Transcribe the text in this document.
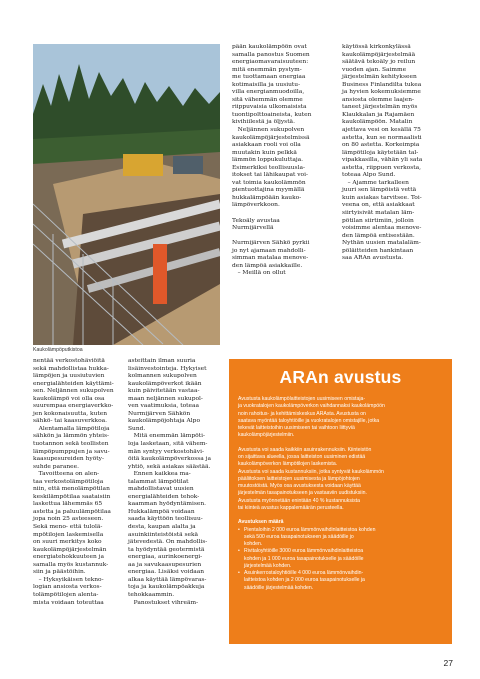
Kaukolämpöputkistoa

pään kaukolämpöön ovat

samalla panostus Suomen

energiaomavaraisuuteen:

mitä enemmän pystym-

me tuottamaan energiaa

kotimaisilla ja uusiutu-

villa energianmuodoilla,

sitä vähemmän olemme

riippuvaisia ulkomaisista

tuontipolttoaineista, kuten

kivihiilestä ja öljystä.

Neljännen sukupolven

kaukolämpöjärjestelmissä

asiakkaan rooli voi olla

muutakin kuin pelkkä

lämmön loppukuluttaja.

Esimerkiksi teollisuusla-

itokset tai lähikaupat voi-

vat toimia kaukolämmön

pientuottajina myymällä

hukkalämpöään kauko-

lämpöverkkoon.

Tekoäly avustaa

Nurmijärvellä

Nurmijärven Sähkö pyrkii

jo nyt ajamaan mahdolli-

simman matalaa menove-

den lämpöä asiakkaille.

– Meillä on ollut

käytössä kirkonkylässä

kaukolämpöjärjestelmää

säätävä tekoäly jo reilun

vuoden ajan. Saimme

järjestelmän kehitykseen

Business Finlandilta tukea

ja hyvien kokemuksiemme

ansiosta olemme laajen-

taneet järjestelmän myös

Klaukkalan ja Rajamäen

kaukolämpöön. Matalin

ajettava vesi on kesällä 75

astetta, kun se normaalisti

on 80 astetta. Korkeimpia

lämpötiloja käytetään tal-

vipakkasilla, vähän yli sata

astetta, riippuen verkosta,

toteaa Alpo Sund.

– Ajamme tarkalleen

juuri sen lämpöistä vettä

kuin asiakas tarvitsee. Toi-

veena on, että asiakkaat

siirtyisivät matalan läm-

pötilan siirtimiin, jolloin

voisimme alentaa menove-

den lämpöä entisestään.

Nythän uusien matalaläm-

pöläitteiden hankintaan

saa ARAn avustusta.

nentää verkostohäviöitä

sekä mahdollistaa hukka-

lämpöjen ja uusiutuvien

energialähteiden käyttämi-

sen. Neljännen sukupolven

kaukolämpö voi olla osa

suurempaa energiaverkko-

jen kokonaisuutta, kuten

sähkö- tai kaasuverkkoa.

Alentamalla lämpötiloja

sähkön ja lämmön yhteis-

tuotannon sekä teollisten

lämpöpumppujen ja savu-

kaasupesureiden hyöty-

suhde paranee.

Tavoitteena on alen-

taa verkostolämpötiloja

niin, että menolämpötilan

keskilämpötilaa saataisiin

laskettua lähemmäs 65

astetta ja paluulämpötilaa

jopa noin 25 asteeseen.

Sekä meno- että tulolä-

mpötilojen laskemisella

on suuri merkitys koko

kaukolämpöjärjestelmän

energiatehokkuuteen ja

samalla myös kustannuk-

siin ja päästöihin.

– Hyksyikäisen tekno-

logian ansiosta verkos-

tolämpötilojen alenta-

mista voidaan toteuttaa

asteittain ilman suuria

lisäinvestointeja. Hykyiset

kolmannen sukupolven

kaukolämpöverkot ikään

kuin päivitetään vastaa-

maan neljännen sukupol-

ven vaatimuksia, toteaa

Nurmijärven Sähkön

kaukolämpöjohtaja Alpo

Sund.

Mitä enemmän lämpöti-

loja lasketaan, sitä vähem-

män syntyy verkostohävi-

öitä kaukolämpöverkossa ja

yhtiö, sekä asiakas säästää.

Ennen kaikkea ma-

talammat lämpötilat

mahdollistavat uusien

energialähteiden tehok-

kaamman hyödyntämisen.

Hukkalämpöä voidaan

saada käyttöön teollisuu-

desta, kaupan alalta ja

asuinkiinteistöistä sekä

jätevedestä. On mahdollis-

ta hyödyntää geotermistä

energiaa, aurinkoenergi-

aa ja savukaasupesurien

energiaa. Lisäksi voidaan

alkaa käyttää lämpövaras-

toja ja kaukolämpöakkuja

tehokkaammin.

Panostukset vihreäm-

ARAn avustus
Avustusta kaukolämpölaitteistojen uusimiseen omistaja-
ja vuokratalojen kaukolämpöverkon vaihdannaksi kaukolämpöön
noin rahoitus- ja kehittämiskeskus ARAsta. Avustusta on
saatava myöntää taloyhtiöille ja vuokratalojen omistajille, jotka
tekevät laitteistoihin uusimiseen tai vaihtoon liittyviä
kaukolämpöjärjestelmiin.
Avustusta voi saada kaikkiin asuinrakennuksiin. Kiinteistön
on sijaittava alueella, jossa laitteiston uusiminen edistää
kaukolämpöverkon lämpötilojen laskemista.
Avustusta voi saada kustannuksiin, jotka syntyvät kaukolämmön
pääliitoksen laitteistojen uusimisesta ja lämpöjohtojen
muutostöistä. Myös osa avustuksesta voidaan käyttää
järjestelmän tasapainotukseen ja vastaaviin uudistuksiin.
Avustusta myönnetään enintään 40 % kustannuksista
tai kiinteä avustus kappalemäärän perusteella.
Avustuksen määrä
• Pientaloihin 2 000 euroa lämmönvaihdinlaitteistoa kohden
sekä 500 euroa tasapainotukseen ja säädöille jo
kohden.
• Rivitaloyhtiöille 3000 euroa lämmönvaihdinlaitteistoa
kohden ja 1 000 euroa tasapainotukselle ja säädöille
järjestelmää kohden.
• Asuinkerrostaloyhtiöille 4 000 euroa lämmönvaihdin-
laitteistoa kohden ja 2 000 euroa tasapainotukselle ja
säädöille järjestelmää kohden.
27
